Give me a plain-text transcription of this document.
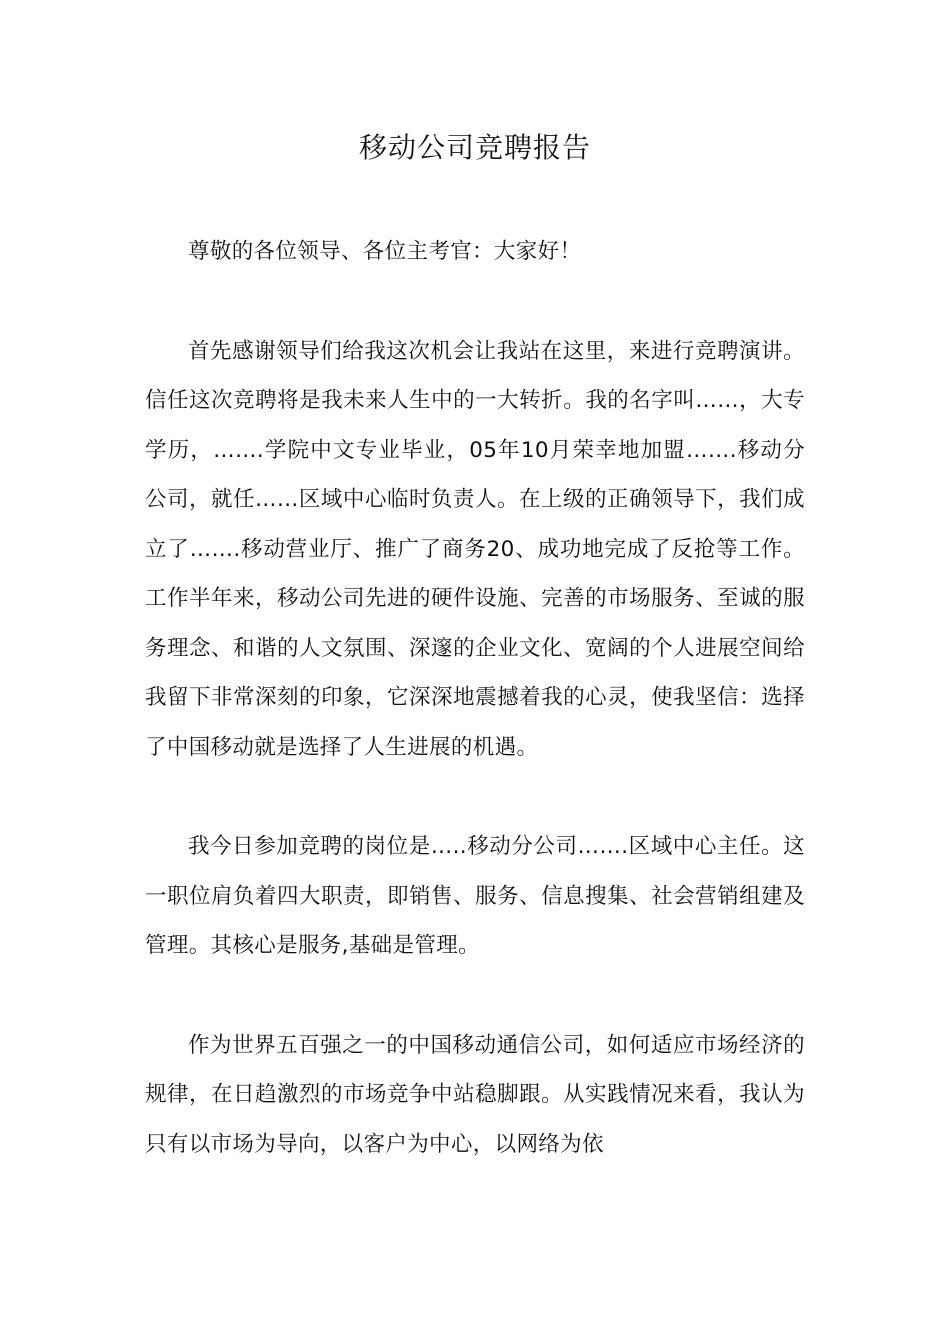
移动公司竞聘报告

尊敬的各位领导、各位主考官：大家好！

首先感谢领导们给我这次机会让我站在这里，来进行竞聘演讲。信任这次竞聘将是我未来人生中的一大转折。我的名字叫……，大专学历，…….学院中文专业毕业，05年10月荣幸地加盟…….移动分公司，就任……区域中心临时负责人。在上级的正确领导下，我们成立了…….移动营业厅、推广了商务20、成功地完成了反抢等工作。工作半年来，移动公司先进的硬件设施、完善的市场服务、至诚的服务理念、和谐的人文氛围、深邃的企业文化、宽阔的个人进展空间给我留下非常深刻的印象，它深深地震撼着我的心灵，使我坚信：选择了中国移动就是选择了人生进展的机遇。

我今日参加竞聘的岗位是…..移动分公司…….区域中心主任。这一职位肩负着四大职责，即销售、服务、信息搜集、社会营销组建及管理。其核心是服务,基础是管理。

作为世界五百强之一的中国移动通信公司，如何适应市场经济的规律，在日趋激烈的市场竞争中站稳脚跟。从实践情况来看，我认为只有以市场为导向，以客户为中心，以网络为依
